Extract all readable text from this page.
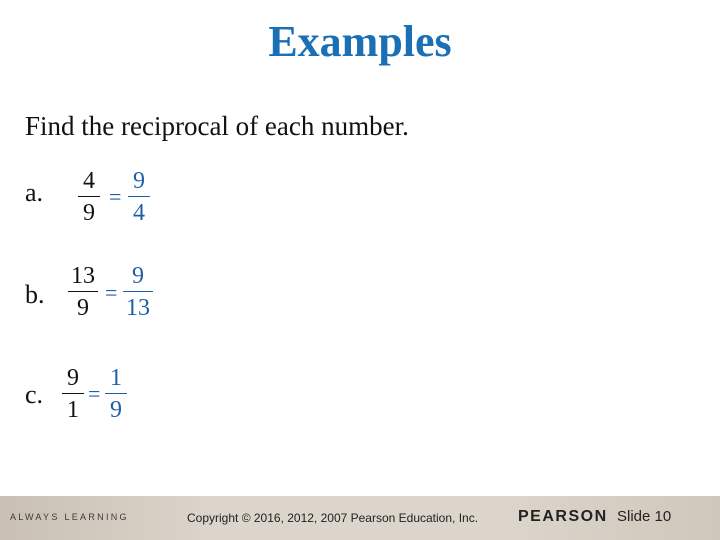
Examples
Find the reciprocal of each number.
a. 4
9
=
9
4
b.
13
9
=
9
13
c.
9
1
=
1
9
ALWAYS LEARNING	Copyright © 2016, 2012, 2007 Pearson Education, Inc. PEARSON Slide 10
